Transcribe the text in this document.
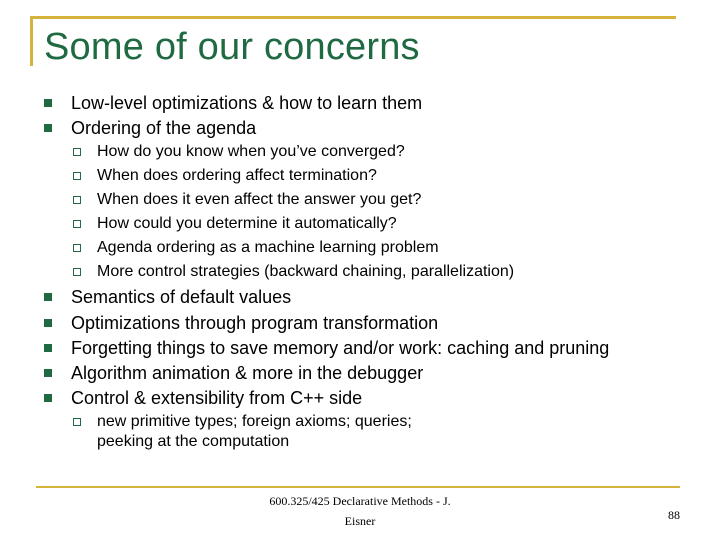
Some of our concerns
Low-level optimizations & how to learn them
Ordering of the agenda
How do you know when you’ve converged?
When does ordering affect termination?
When does it even affect the answer you get?
How could you determine it automatically?
Agenda ordering as a machine learning problem
More control strategies (backward chaining, parallelization)
Semantics of default values
Optimizations through program transformation
Forgetting things to save memory and/or work: caching and pruning
Algorithm animation & more in the debugger
Control & extensibility from C++ side
new primitive types; foreign axioms; queries;
peeking at the computation
600.325/425 Declarative Methods - J.
Eisner	88
